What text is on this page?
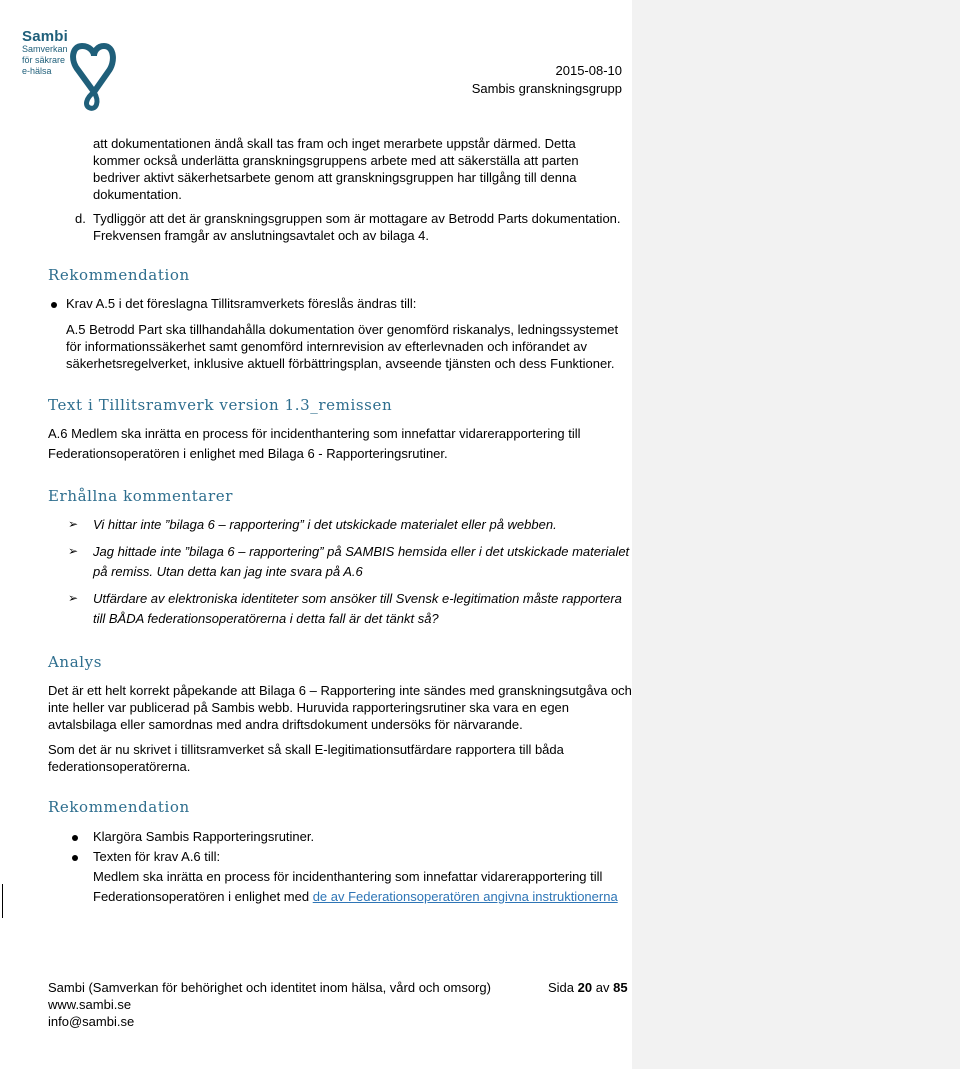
Sambi
Samverkan
för säkrare
e-hälsa	2015-08-10
Sambis granskningsgrupp
att dokumentationen ändå skall tas fram och inget merarbete uppstår därmed. Detta
kommer också underlätta granskningsgruppens arbete med att säkerställa att parten
bedriver aktivt säkerhetsarbete genom att granskningsgruppen har tillgång till denna
dokumentation.
d. Tydliggör att det är granskningsgruppen som är mottagare av Betrodd Parts dokumentation.
Frekvensen framgår av anslutningsavtalet och av bilaga 4.
Rekommendation
Krav A.5 i det föreslagna Tillitsramverkets föreslås ändras till:
A.5 Betrodd Part ska tillhandahålla dokumentation över genomförd riskanalys, ledningssystemet
för informationssäkerhet samt genomförd internrevision av efterlevnaden och införandet av
säkerhetsregelverket, inklusive aktuell förbättringsplan, avseende tjänsten och dess Funktioner.
Text i Tillitsramverk version 1.3_remissen
A.6 Medlem ska inrätta en process för incidenthantering som innefattar vidarerapportering till
Federationsoperatören i enlighet med Bilaga 6 - Rapporteringsrutiner.
Erhållna kommentarer
➢ Vi hittar inte ”bilaga 6 – rapportering” i det utskickade materialet eller på webben.
➢ Jag hittade inte ”bilaga 6 – rapportering” på SAMBIS hemsida eller i det utskickade materialet
på remiss. Utan detta kan jag inte svara på A.6
➢ Utfärdare av elektroniska identiteter som ansöker till Svensk e-legitimation måste rapportera
till BÅDA federationsoperatörerna i detta fall är det tänkt så?
Analys
Det är ett helt korrekt påpekande att Bilaga 6 – Rapportering inte sändes med granskningsutgåva och
inte heller var publicerad på Sambis webb. Huruvida rapporteringsrutiner ska vara en egen
avtalsbilaga eller samordnas med andra driftsdokument undersöks för närvarande.
Som det är nu skrivet i tillitsramverket så skall E-legitimationsutfärdare rapportera till båda
federationsoperatörerna.
Rekommendation
Klargöra Sambis Rapporteringsrutiner.
Texten för krav A.6 till:
Medlem ska inrätta en process för incidenthantering som innefattar vidarerapportering till
Federationsoperatören i enlighet med de av Federationsoperatören angivna instruktionerna
Sambi (Samverkan för behörighet och identitet inom hälsa, vård och omsorg)
www.sambi.se
info@sambi.se
Sida 20 av 85
